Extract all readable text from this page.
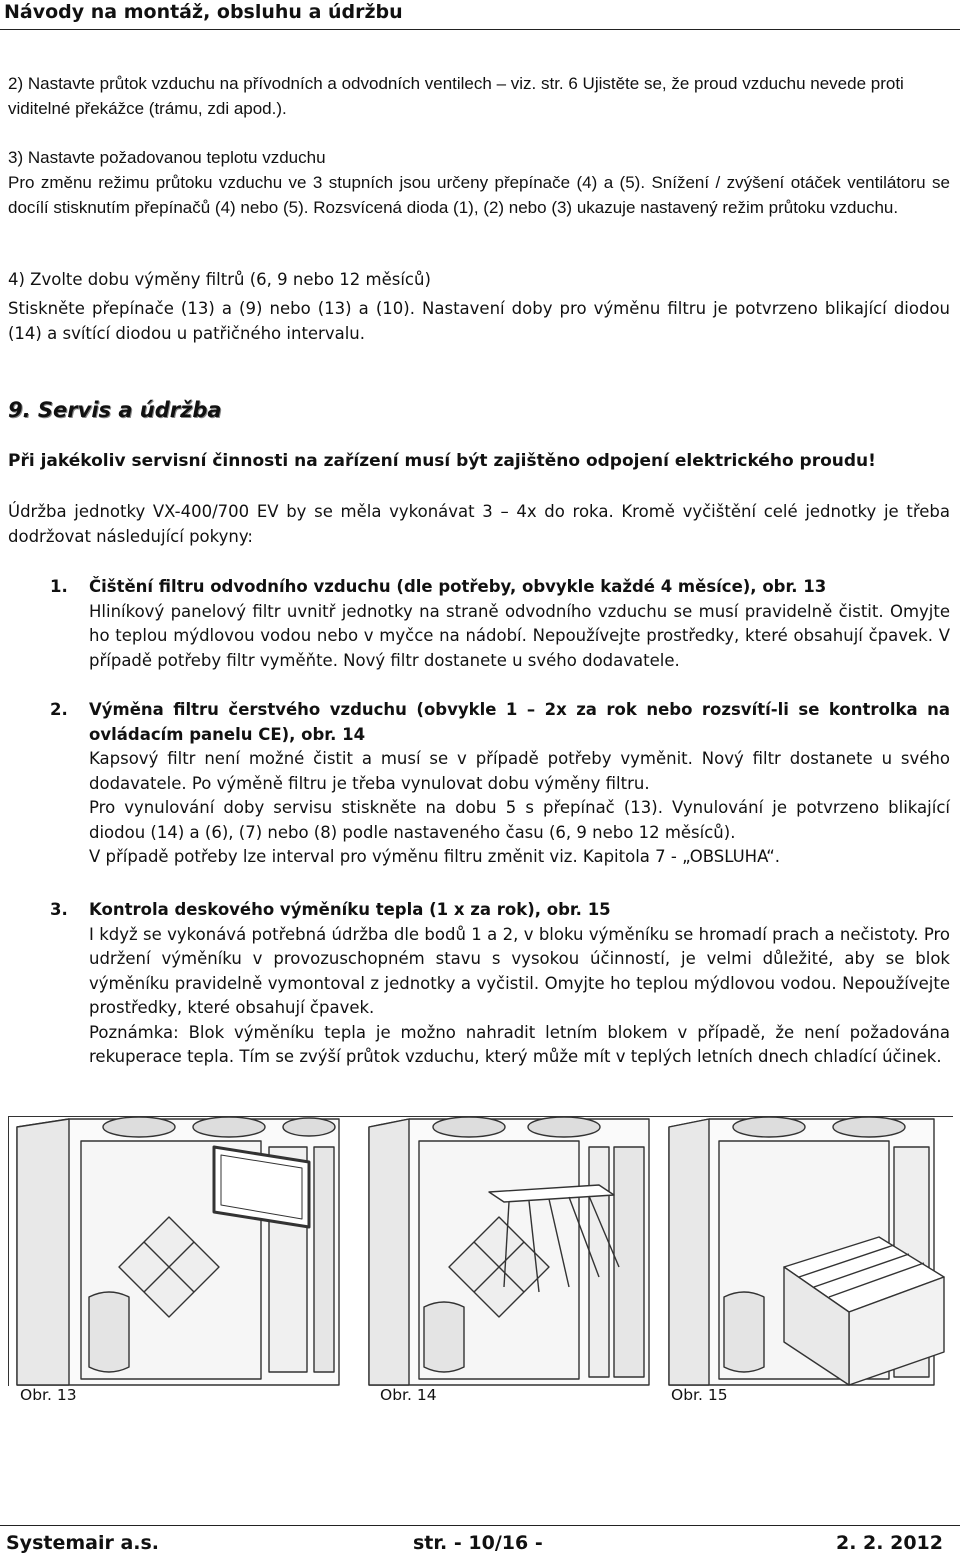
Návody na montáž, obsluhu a údržbu
2) Nastavte průtok vzduchu na přívodních a odvodních ventilech – viz. str. 6 Ujistěte se, že proud vzduchu nevede proti viditelné překážce (trámu, zdi apod.).
3) Nastavte požadovanou teplotu vzduchu
Pro změnu režimu průtoku vzduchu ve 3 stupních jsou určeny přepínače (4) a (5). Snížení / zvýšení otáček ventilátoru se docílí stisknutím přepínačů (4) nebo (5). Rozsvícená dioda (1), (2) nebo (3) ukazuje nastavený režim průtoku vzduchu.
4) Zvolte dobu výměny filtrů (6, 9 nebo 12 měsíců)
Stiskněte přepínače (13) a (9) nebo (13) a (10). Nastavení doby pro výměnu filtru je potvrzeno blikající diodou (14) a svítící diodou u patřičného intervalu.
9. Servis a údržba
Při jakékoliv servisní činnosti na zařízení musí být zajištěno odpojení elektrického proudu!
Údržba jednotky VX-400/700 EV by se měla vykonávat 3 – 4x do roka. Kromě vyčištění celé jednotky je třeba dodržovat následující pokyny:
1. Čištění filtru odvodního vzduchu (dle potřeby, obvykle každé 4 měsíce), obr. 13
Hliníkový panelový filtr uvnitř jednotky na straně odvodního vzduchu se musí pravidelně čistit. Omyjte ho teplou mýdlovou vodou nebo v myčce na nádobí. Nepoužívejte prostředky, které obsahují čpavek. V případě potřeby filtr vyměňte. Nový filtr dostanete u svého dodavatele.
2. Výměna filtru čerstvého vzduchu (obvykle 1 – 2x za rok nebo rozsvítí-li se kontrolka na ovládacím panelu CE), obr. 14

Kapsový filtr není možné čistit a musí se v případě potřeby vyměnit. Nový filtr dostanete u svého dodavatele. Po výměně filtru je třeba vynulovat dobu výměny filtru.

Pro vynulování doby servisu stiskněte na dobu 5 s přepínač (13). Vynulování je potvrzeno blikající diodou (14) a (6), (7) nebo (8) podle nastaveného času (6, 9 nebo 12 měsíců).

V případě potřeby lze interval pro výměnu filtru změnit viz. Kapitola 7 - „OBSLUHA“.

3. Kontrola deskového výměníku tepla (1 x za rok), obr. 15

I když se vykonává potřebná údržba dle bodů 1 a 2, v bloku výměníku se hromadí prach a nečistoty. Pro udržení výměníku v provozuschopném stavu s vysokou účinností, je velmi důležité, aby se blok výměníku pravidelně vymontoval z jednotky a vyčistil. Omyjte ho teplou mýdlovou vodou. Nepoužívejte prostředky, které obsahují čpavek.

Poznámka: Blok výměníku tepla je možno nahradit letním blokem v případě, že není požadována rekuperace tepla. Tím se zvýší průtok vzduchu, který může mít v teplých letních dnech chladící účinek.

Obr. 13	Obr. 14	Obr. 15
Systemair a.s.	str. - 10/16 -	2. 2. 2012
